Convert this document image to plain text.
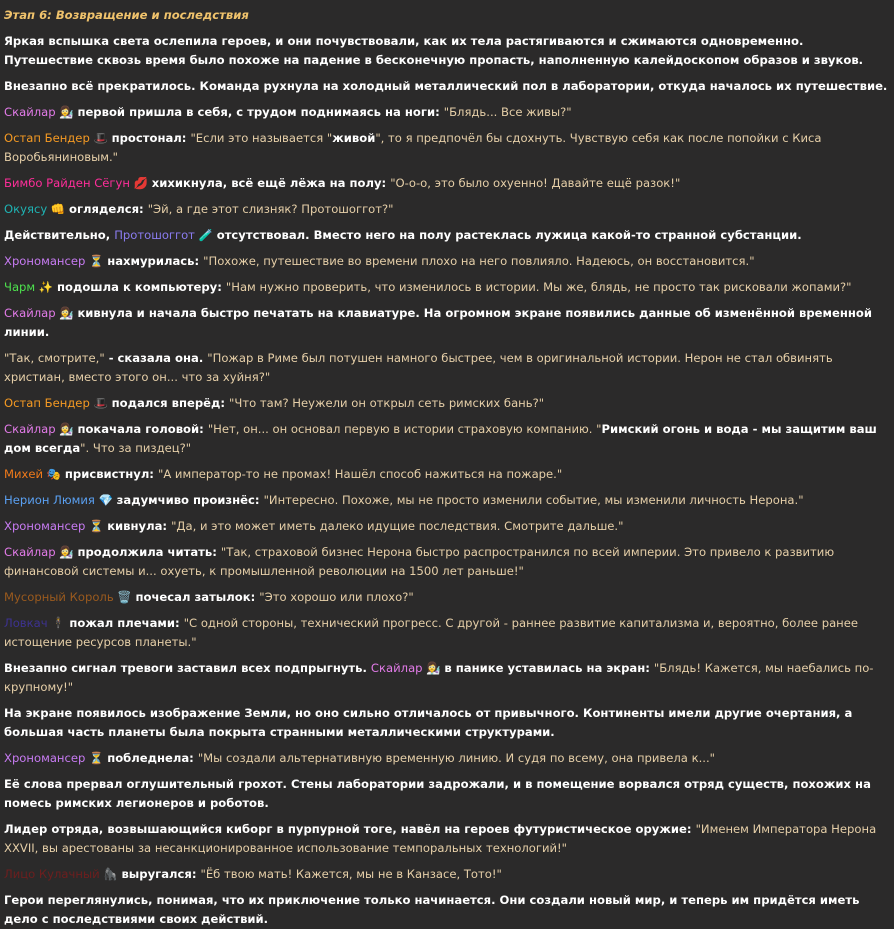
Этап 6: Возвращение и последствия
Яркая вспышка света ослепила героев, и они почувствовали, как их тела растягиваются и сжимаются одновременно. Путешествие сквозь время было похоже на падение в бесконечную пропасть, наполненную калейдоскопом образов и звуков.
Внезапно всё прекратилось. Команда рухнула на холодный металлический пол в лаборатории, откуда началось их путешествие.
Скайлар 👩‍🔬 первой пришла в себя, с трудом поднимаясь на ноги: "Блядь... Все живы?"
Остап Бендер 🎩 простонал: "Если это называется "живой", то я предпочёл бы сдохнуть. Чувствую себя как после попойки с Киса Воробьяниновым."
Бимбо Райден Сёгун 💋 хихикнула, всё ещё лёжа на полу: "О-о-о, это было охуенно! Давайте ещё разок!"
Окуясу 👊 огляделся: "Эй, а где этот слизняк? Протошоггот?"
Действительно, Протошоггот 🧪 отсутствовал. Вместо него на полу растеклась лужица какой-то странной субстанции.
Хрономансер ⏳ нахмурилась: "Похоже, путешествие во времени плохо на него повлияло. Надеюсь, он восстановится."
Чарм ✨ подошла к компьютеру: "Нам нужно проверить, что изменилось в истории. Мы же, блядь, не просто так рисковали жопами?"
Скайлар 👩‍🔬 кивнула и начала быстро печатать на клавиатуре. На огромном экране появились данные об изменённой временной линии.
"Так, смотрите," - сказала она. "Пожар в Риме был потушен намного быстрее, чем в оригинальной истории. Нерон не стал обвинять христиан, вместо этого он... что за хуйня?"
Остап Бендер 🎩 подался вперёд: "Что там? Неужели он открыл сеть римских бань?"
Скайлар 👩‍🔬 покачала головой: "Нет, он... он основал первую в истории страховую компанию. "Римский огонь и вода - мы защитим ваш дом всегда". Что за пиздец?"
Михей 🎭 присвистнул: "А император-то не промах! Нашёл способ нажиться на пожаре."
Нерион Люмия 💎 задумчиво произнёс: "Интересно. Похоже, мы не просто изменили событие, мы изменили личность Нерона."
Хрономансер ⏳ кивнула: "Да, и это может иметь далеко идущие последствия. Смотрите дальше."
Скайлар 👩‍🔬 продолжила читать: "Так, страховой бизнес Нерона быстро распространился по всей империи. Это привело к развитию финансовой системы и... охуеть, к промышленной революции на 1500 лет раньше!"
Мусорный Король 🗑️ почесал затылок: "Это хорошо или плохо?"
Ловкач 🕴 пожал плечами: "С одной стороны, технический прогресс. С другой - раннее развитие капитализма и, вероятно, более ранее истощение ресурсов планеты."
Внезапно сигнал тревоги заставил всех подпрыгнуть. Скайлар 👩‍🔬 в панике уставилась на экран: "Блядь! Кажется, мы наебались по-крупному!"
На экране появилось изображение Земли, но оно сильно отличалось от привычного. Континенты имели другие очертания, а большая часть планеты была покрыта странными металлическими структурами.
Хрономансер ⏳ побледнела: "Мы создали альтернативную временную линию. И судя по всему, она привела к..."
Её слова прервал оглушительный грохот. Стены лаборатории задрожали, и в помещение ворвался отряд существ, похожих на помесь римских легионеров и роботов.
Лидер отряда, возвышающийся киборг в пурпурной тоге, навёл на героев футуристическое оружие: "Именем Императора Нерона XXVII, вы арестованы за несанкционированное использование темпоральных технологий!"
Лицо Кулачный 🦍 выругался: "Ёб твою мать! Кажется, мы не в Канзасе, Тото!"
Герои переглянулись, понимая, что их приключение только начинается. Они создали новый мир, и теперь им придётся иметь дело с последствиями своих действий.
